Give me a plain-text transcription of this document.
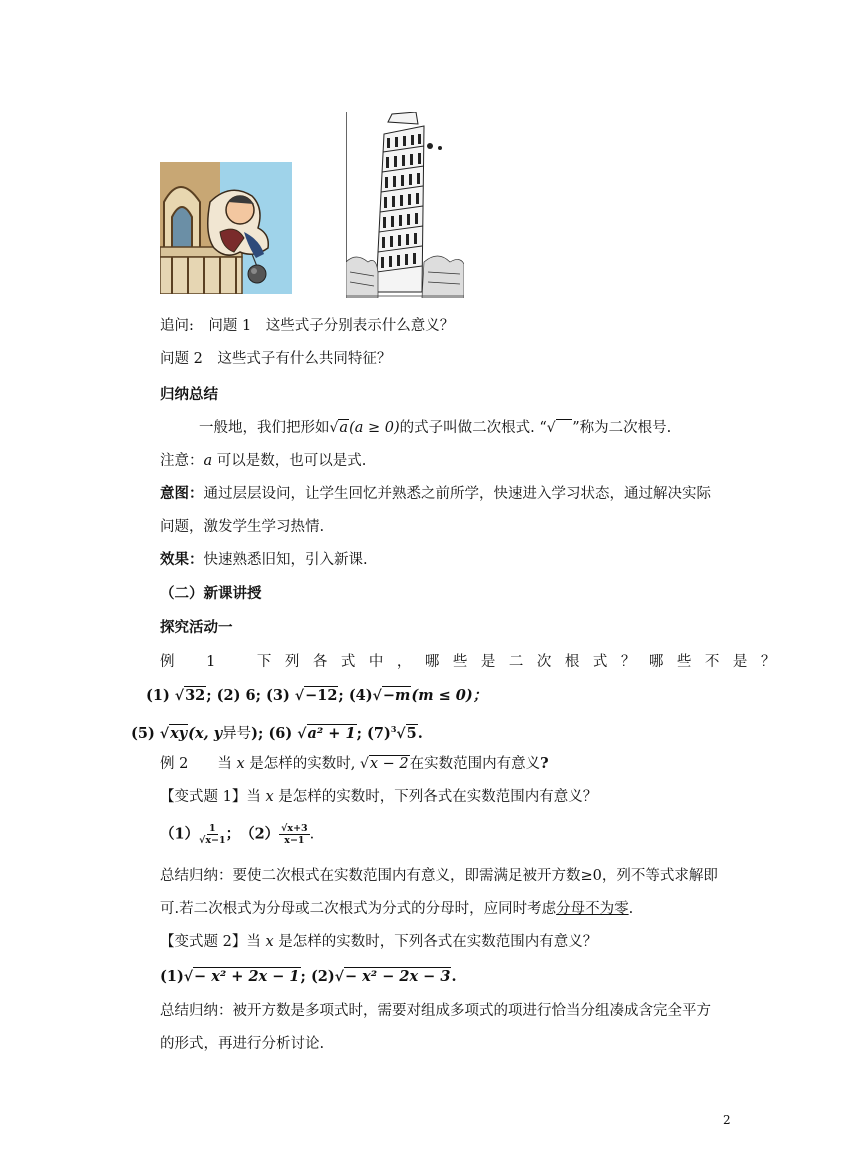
追问:　问题 1　这些式子分别表示什么意义？
问题 2　这些式子有什么共同特征？
归纳总结
一般地，我们把形如√a(a ≥ 0)的式子叫做二次根式. “√  ”称为二次根号.
注意：a 可以是数，也可以是式.
意图：通过层层设问，让学生回忆并熟悉之前所学，快速进入学习状态，通过解决实际
问题，激发学生学习热情.
效果：快速熟悉旧知，引入新课.
（二）新课讲授
探究活动一
例 1　下列各式中，哪些是二次根式？哪些不是？
(1) √32; (2) 6; (3) √−12; (4)√−m(m ≤ 0)；
(5) √xy(x, y异号); (6) √a² + 1; $(7)^3√5$.
例 2　　当 x 是怎样的实数时, √x − 2在实数范围内有意义?
【变式题 1】当 x 是怎样的实数时，下列各式在实数范围内有意义？
$(1) \frac{1}{√x-1}$ ；　$(2) \frac{√x+3}{x-1}$ .
总结归纳：要使二次根式在实数范围内有意义，即需满足被开方数≥0，列不等式求解即
可.若二次根式为分母或二次根式为分式的分母时，应同时考虑分母不为零.
【变式题 2】当 x 是怎样的实数时，下列各式在实数范围内有意义？
(1)√− x² + 2x − 1; (2)√− x² − 2x − 3.
总结归纳：被开方数是多项式时，需要对组成多项式的项进行恰当分组凑成含完全平方
的形式，再进行分析讨论.
2
